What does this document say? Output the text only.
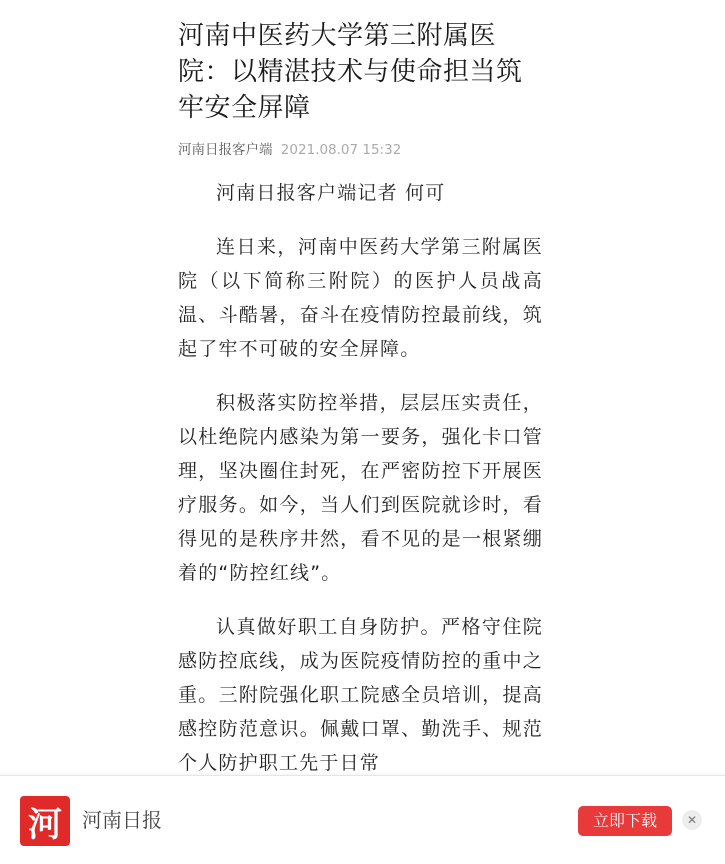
河南中医药大学第三附属医院：以精湛技术与使命担当筑牢安全屏障
河南日报客户端 2021.08.07 15:32

河南日报客户端记者 何可

连日来，河南中医药大学第三附属医院（以下简称三附院）的医护人员战高温、斗酷暑，奋斗在疫情防控最前线，筑起了牢不可破的安全屏障。

积极落实防控举措，层层压实责任，以杜绝院内感染为第一要务，强化卡口管理，坚决圈住封死，在严密防控下开展医疗服务。如今，当人们到医院就诊时，看得见的是秩序井然，看不见的是一根紧绷着的“防控红线”。

认真做好职工自身防护。严格守住院感防控底线，成为医院疫情防控的重中之重。三附院强化职工院感全员培训，提高感控防范意识。佩戴口罩、勤洗手、规范个人防护职工先于日常

河	河南日报	立即下载	✕
